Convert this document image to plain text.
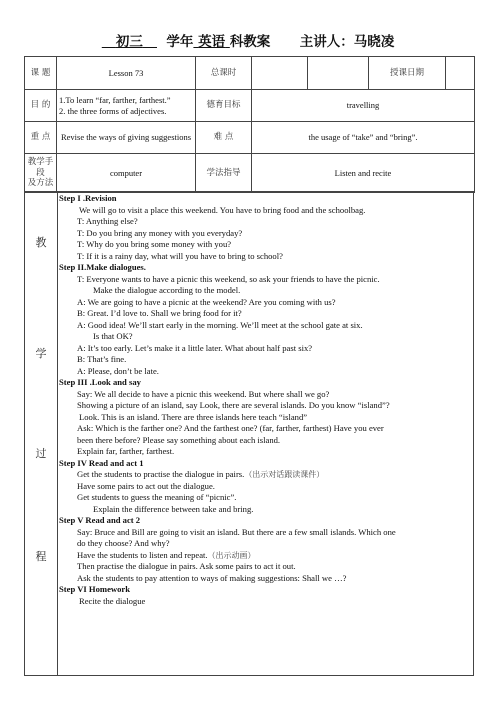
初三 学年 英语 科教案 主讲人：马晓凌
课 题	Lesson 73	总课时		授课日期

目 的	1.To learn “far, farther, farthest.”
2. the three forms of adjectives.	德育目标	travelling	
重 点	Revise the ways of giving suggestions	难 点	the usage of “take” and “bring”.	

教学手段
及方法	computer	学法指导	Listen and recite	
教
学
过
程
Step I .Revision
We will go to visit a place this weekend. You have to bring food and the schoolbag.
T: Anything else?
T: Do you bring any money with you everyday?
T: Why do you bring some money with you?
T: If it is a rainy day, what will you have to bring to school?
Step II.Make dialogues.
T: Everyone wants to have a picnic this weekend, so ask your friends to have the picnic.
Make the dialogue according to the model.
A: We are going to have a picnic at the weekend? Are you coming with us?
B: Great. I’d love to. Shall we bring food for it?
A: Good idea! We’ll start early in the morning. We’ll meet at the school gate at six.
Is that OK?
A: It’s too early. Let’s make it a little later. What about half past six?
B: That’s fine.
A: Please, don’t be late.
Step III .Look and say
Say: We all decide to have a picnic this weekend. But where shall we go?
Showing a picture of an island, say Look, there are several islands. Do you know “island”?
Look. This is an island. There are three islands here teach “island”
Ask: Which is the farther one? And the farthest one? (far, farther, farthest) Have you ever
been there before? Please say something about each island.
Explain far, farther, farthest.
Step IV Read and act 1
Get the students to practise the dialogue in pairs.（出示对话跟读课件）
Have some pairs to act out the dialogue.
Get students to guess the meaning of “picnic”.
Explain the difference between take and bring.
Step V Read and act 2
Say: Bruce and Bill are going to visit an island. But there are a few small islands. Which one
do they choose? And why?
Have the students to listen and repeat.（出示动画）
Then practise the dialogue in pairs. Ask some pairs to act it out.
Ask the students to pay attention to ways of making suggestions: Shall we …?
Step VI Homework
Recite the dialogue
